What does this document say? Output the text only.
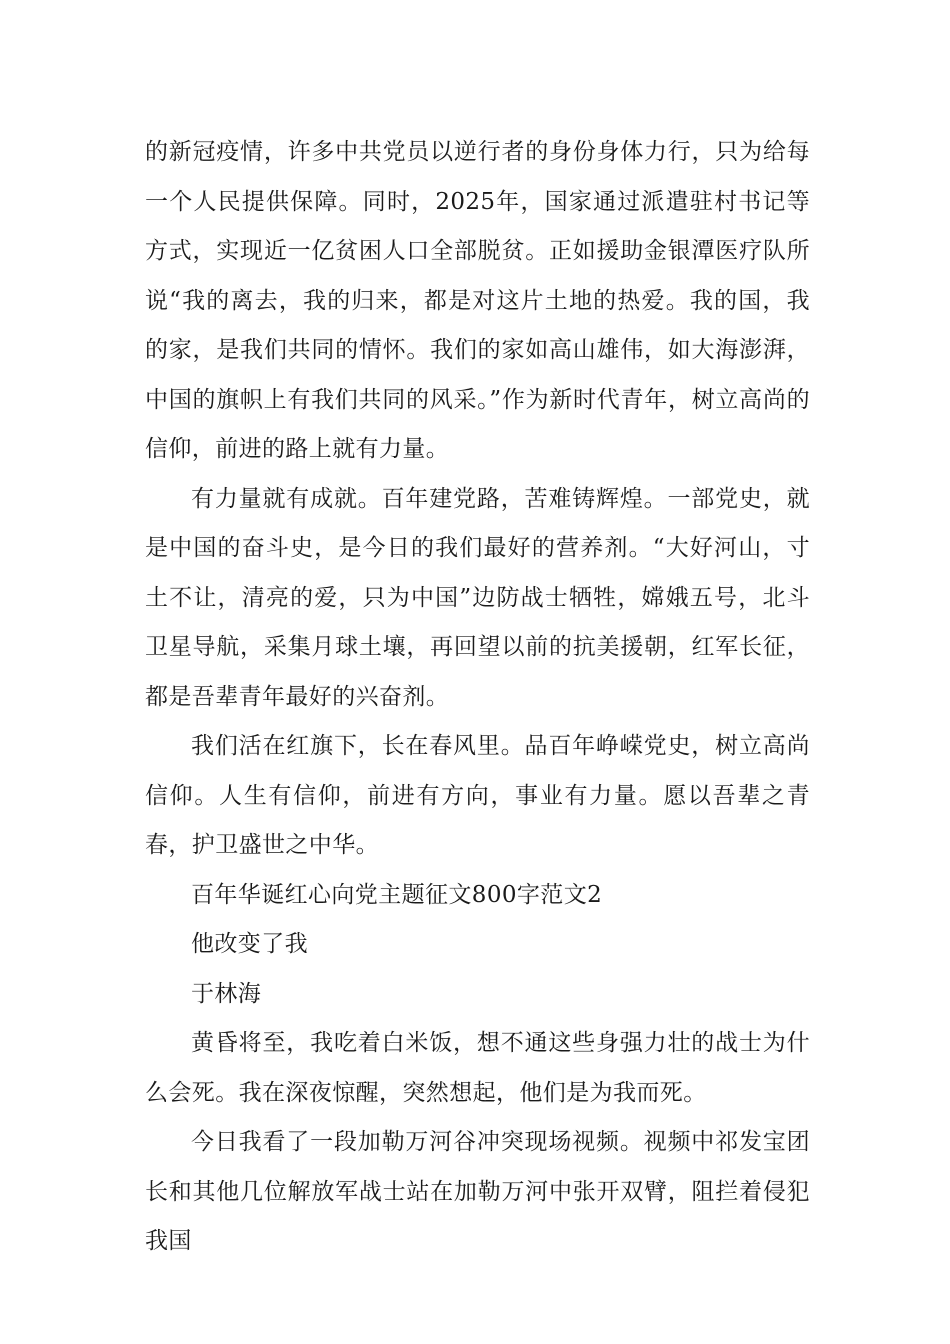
的新冠疫情，许多中共党员以逆行者的身份身体力行，只为给每一个人民提供保障。同时，2025年，国家通过派遣驻村书记等方式，实现近一亿贫困人口全部脱贫。正如援助金银潭医疗队所说“我的离去，我的归来，都是对这片土地的热爱。我的国，我的家，是我们共同的情怀。我们的家如高山雄伟，如大海澎湃，中国的旗帜上有我们共同的风采。”作为新时代青年，树立高尚的信仰，前进的路上就有力量。

有力量就有成就。百年建党路，苦难铸辉煌。一部党史，就是中国的奋斗史，是今日的我们最好的营养剂。“大好河山，寸土不让，清亮的爱，只为中国”边防战士牺牲，嫦娥五号，北斗卫星导航，采集月球土壤，再回望以前的抗美援朝，红军长征，都是吾辈青年最好的兴奋剂。

我们活在红旗下，长在春风里。品百年峥嵘党史，树立高尚信仰。人生有信仰，前进有方向，事业有力量。愿以吾辈之青春，护卫盛世之中华。

百年华诞红心向党主题征文800字范文2

他改变了我

于林海

黄昏将至，我吃着白米饭，想不通这些身强力壮的战士为什么会死。我在深夜惊醒，突然想起，他们是为我而死。

今日我看了一段加勒万河谷冲突现场视频。视频中祁发宝团长和其他几位解放军战士站在加勒万河中张开双臂，阻拦着侵犯我国
